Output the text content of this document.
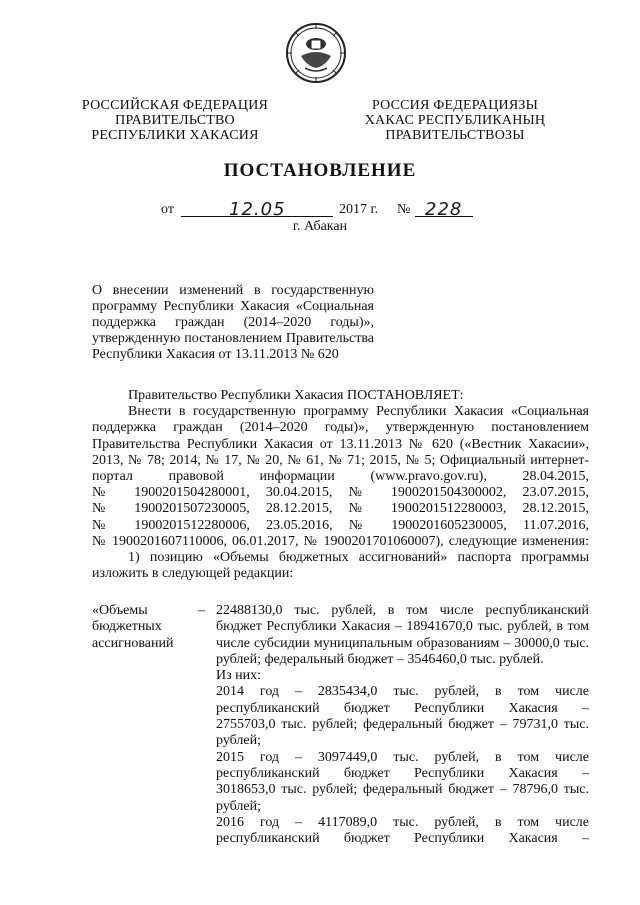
РОССИЙСКАЯ ФЕДЕРАЦИЯ
ПРАВИТЕЛЬСТВО
РЕСПУБЛИКИ ХАКАСИЯ
РОССИЯ ФЕДЕРАЦИЯЗЫ
ХАКАС РЕСПУБЛИКАНЫҢ
ПРАВИТЕЛЬСТВОЗЫ
ПОСТАНОВЛЕНИЕ
от	12.05	2017 г. № 228
г. Абакан
О внесении изменений в государственную
программу Республики Хакасия «Социальная
поддержка граждан (2014–2020 годы)»,
утвержденную постановлением Правительства
Республики Хакасия от 13.11.2013 № 620
Правительство Республики Хакасия ПОСТАНОВЛЯЕТ:
Внести в государственную программу Республики Хакасия «Социальная
поддержка граждан (2014–2020 годы)», утвержденную постановлением
Правительства Республики Хакасия от 13.11.2013 № 620 («Вестник Хакасии»,
2013, № 78; 2014, № 17, № 20, № 61, № 71; 2015, № 5; Официальный интернет-
портал правовой информации (www.pravo.gov.ru), 28.04.2015,
№ 1900201504280001, 30.04.2015, № 1900201504300002, 23.07.2015,
№ 1900201507230005, 28.12.2015, № 1900201512280003, 28.12.2015,
№ 1900201512280006, 23.05.2016, № 1900201605230005, 11.07.2016,
№ 1900201607110006, 06.01.2017, № 1900201701060007), следующие изменения:
1) позицию «Объемы бюджетных ассигнований» паспорта программы
изложить в следующей редакции:
«Объемы
бюджетных
ассигнований
– 22488130,0 тыс. рублей, в том числе республиканский
бюджет Республики Хакасия – 18941670,0 тыс. рублей, в том
числе субсидии муниципальным образованиям – 30000,0 тыс.
рублей; федеральный бюджет – 3546460,0 тыс. рублей.
Из них:
2014 год – 2835434,0 тыс. рублей, в том числе
республиканский бюджет Республики Хакасия –
2755703,0 тыс. рублей; федеральный бюджет – 79731,0 тыс.
рублей;
2015 год – 3097449,0 тыс. рублей, в том числе
республиканский бюджет Республики Хакасия –
3018653,0 тыс. рублей; федеральный бюджет – 78796,0 тыс.
рублей;
2016 год – 4117089,0 тыс. рублей, в том числе
республиканский бюджет Республики Хакасия –
